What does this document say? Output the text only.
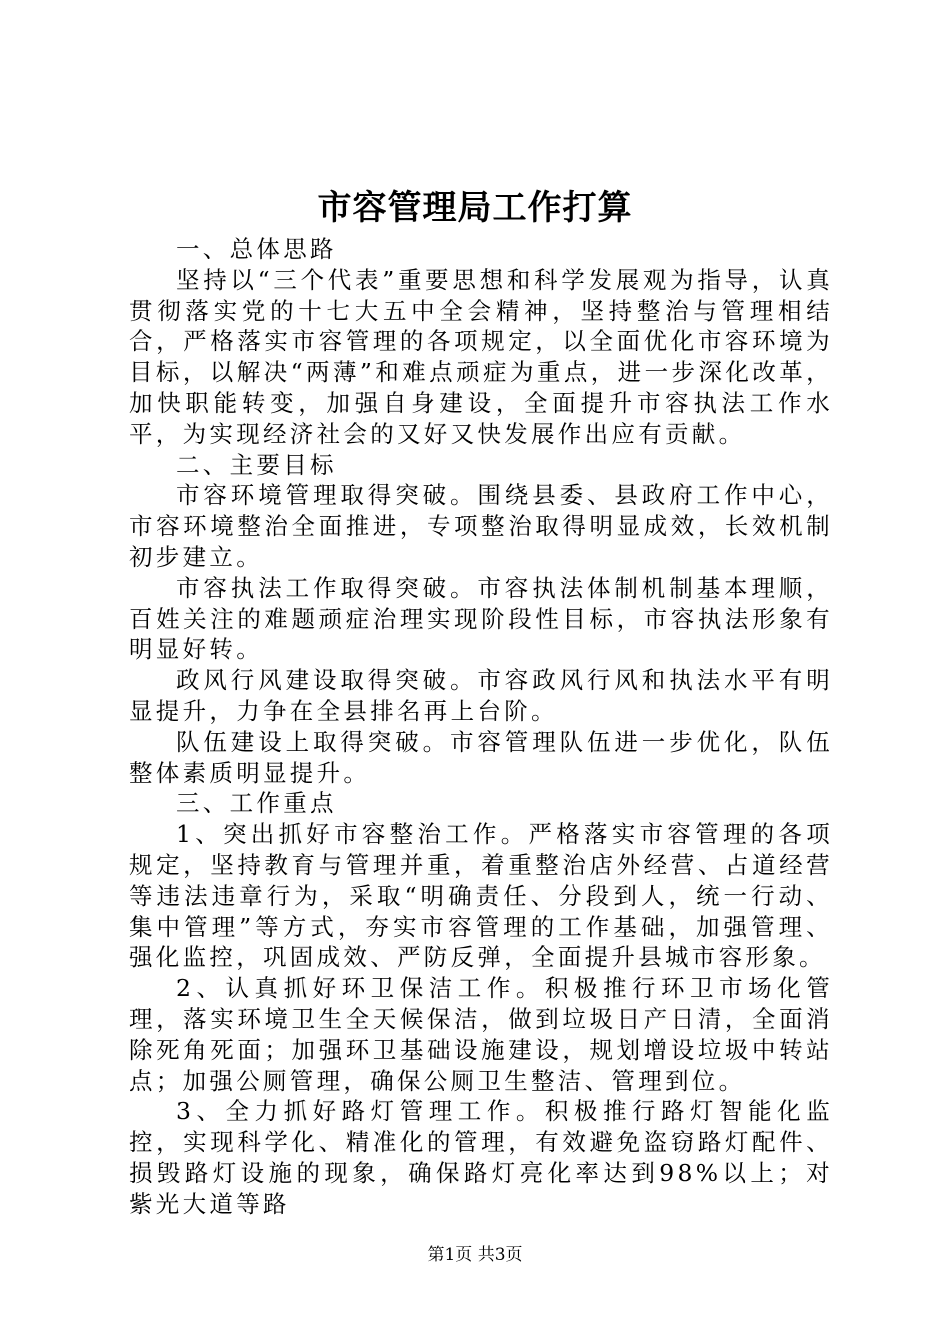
市容管理局工作打算

一、总体思路

坚持以“三个代表”重要思想和科学发展观为指导，认真贯彻落实党的十七大五中全会精神，坚持整治与管理相结合，严格落实市容管理的各项规定，以全面优化市容环境为目标，以解决“两薄”和难点顽症为重点，进一步深化改革，加快职能转变，加强自身建设，全面提升市容执法工作水平，为实现经济社会的又好又快发展作出应有贡献。

二、主要目标

市容环境管理取得突破。围绕县委、县政府工作中心，市容环境整治全面推进，专项整治取得明显成效，长效机制初步建立。

市容执法工作取得突破。市容执法体制机制基本理顺，百姓关注的难题顽症治理实现阶段性目标，市容执法形象有明显好转。

政风行风建设取得突破。市容政风行风和执法水平有明显提升，力争在全县排名再上台阶。

队伍建设上取得突破。市容管理队伍进一步优化，队伍整体素质明显提升。

三、工作重点

1、突出抓好市容整治工作。严格落实市容管理的各项规定，坚持教育与管理并重，着重整治店外经营、占道经营等违法违章行为，采取“明确责任、分段到人，统一行动、集中管理”等方式，夯实市容管理的工作基础，加强管理、强化监控，巩固成效、严防反弹，全面提升县城市容形象。

2、认真抓好环卫保洁工作。积极推行环卫市场化管理，落实环境卫生全天候保洁，做到垃圾日产日清，全面消除死角死面；加强环卫基础设施建设，规划增设垃圾中转站点；加强公厕管理，确保公厕卫生整洁、管理到位。

3、全力抓好路灯管理工作。积极推行路灯智能化监控，实现科学化、精准化的管理，有效避免盗窃路灯配件、损毁路灯设施的现象，确保路灯亮化率达到98%以上；对紫光大道等路

第1页 共3页
